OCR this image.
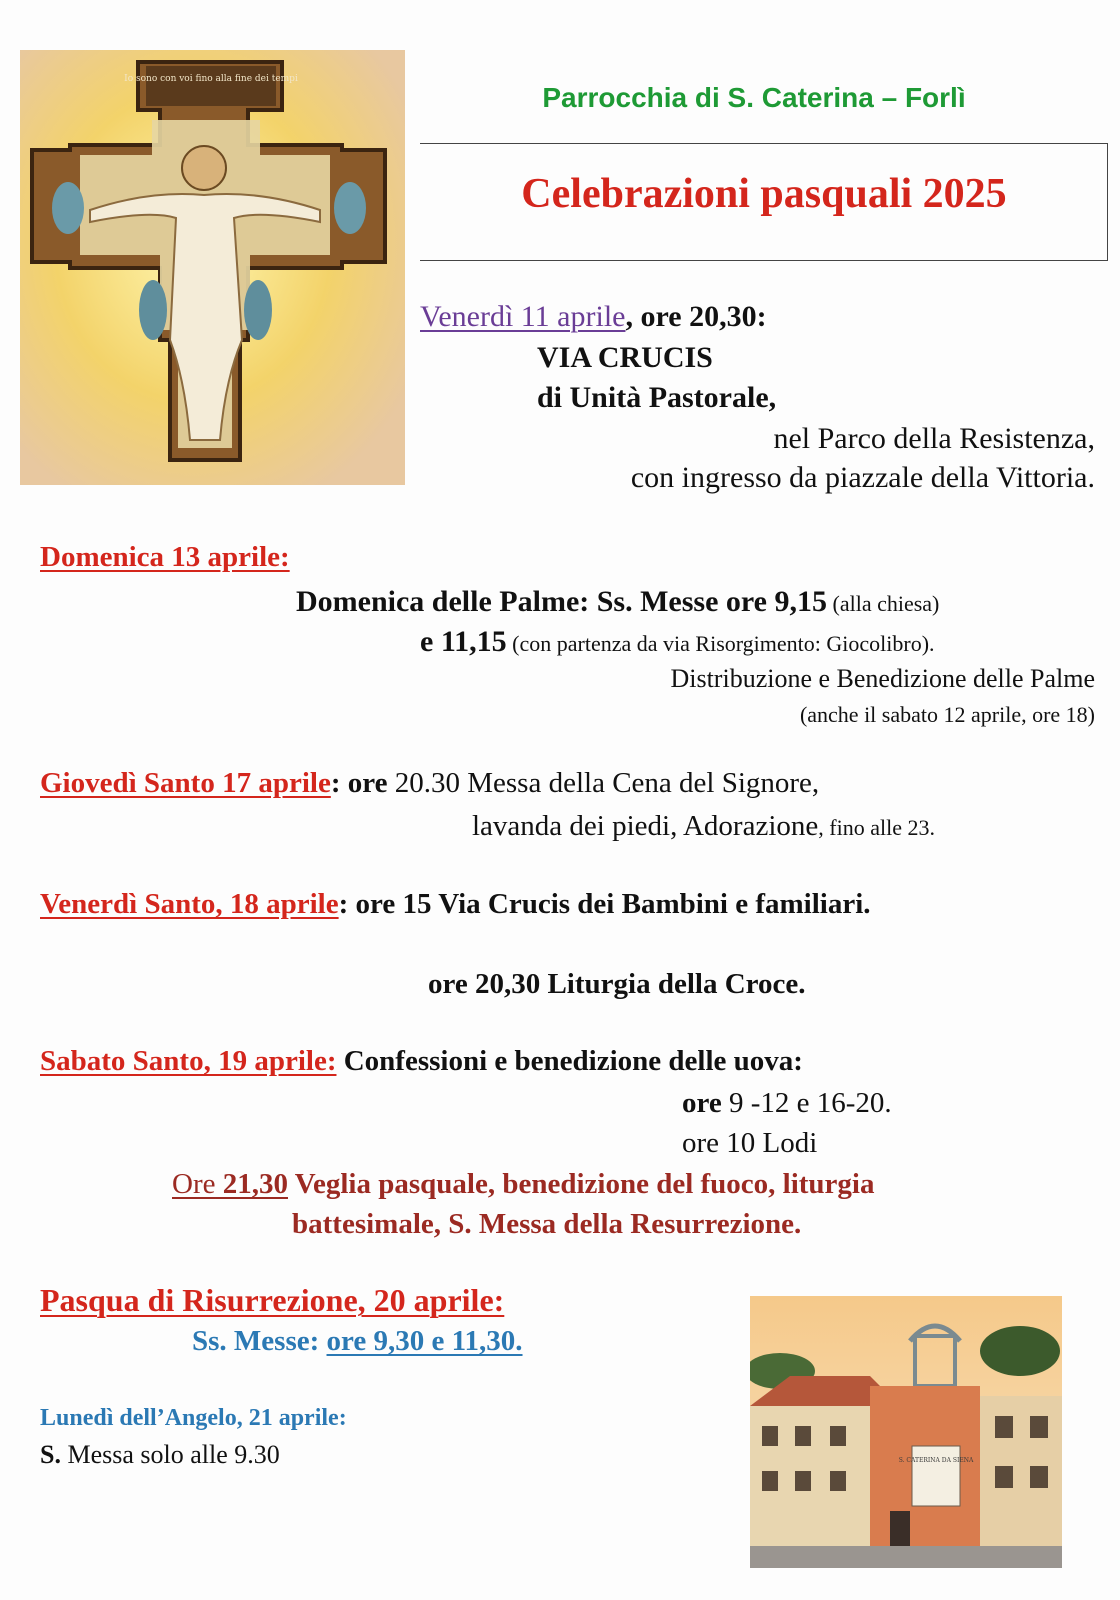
Io sono con voi fino alla fine dei tempi
Parrocchia di S. Caterina – Forlì
Celebrazioni pasquali 2025
Venerdì 11 aprile, ore 20,30:
VIA CRUCIS
di Unità Pastorale,
nel Parco della Resistenza,
con ingresso da piazzale della Vittoria.
Domenica 13 aprile:
Domenica delle Palme: Ss. Messe ore 9,15 (alla chiesa)
e 11,15 (con partenza da via Risorgimento: Giocolibro).
Distribuzione e Benedizione delle Palme
(anche il sabato 12 aprile, ore 18)
Giovedì Santo 17 aprile: ore 20.30 Messa della Cena del Signore,
lavanda dei piedi, Adorazione, fino alle 23.
Venerdì Santo, 18 aprile: ore 15 Via Crucis dei Bambini e familiari.
ore 20,30 Liturgia della Croce.
Sabato Santo, 19 aprile: Confessioni e benedizione delle uova:
ore 9 -12 e 16-20.
ore 10 Lodi
Ore 21,30 Veglia pasquale, benedizione del fuoco, liturgia
battesimale, S. Messa della Resurrezione.
Pasqua di Risurrezione, 20 aprile:
Ss. Messe: ore 9,30 e 11,30.
Lunedì dell’Angelo, 21 aprile:
S. Messa solo alle 9.30	S. CATERINA DA SIENA
